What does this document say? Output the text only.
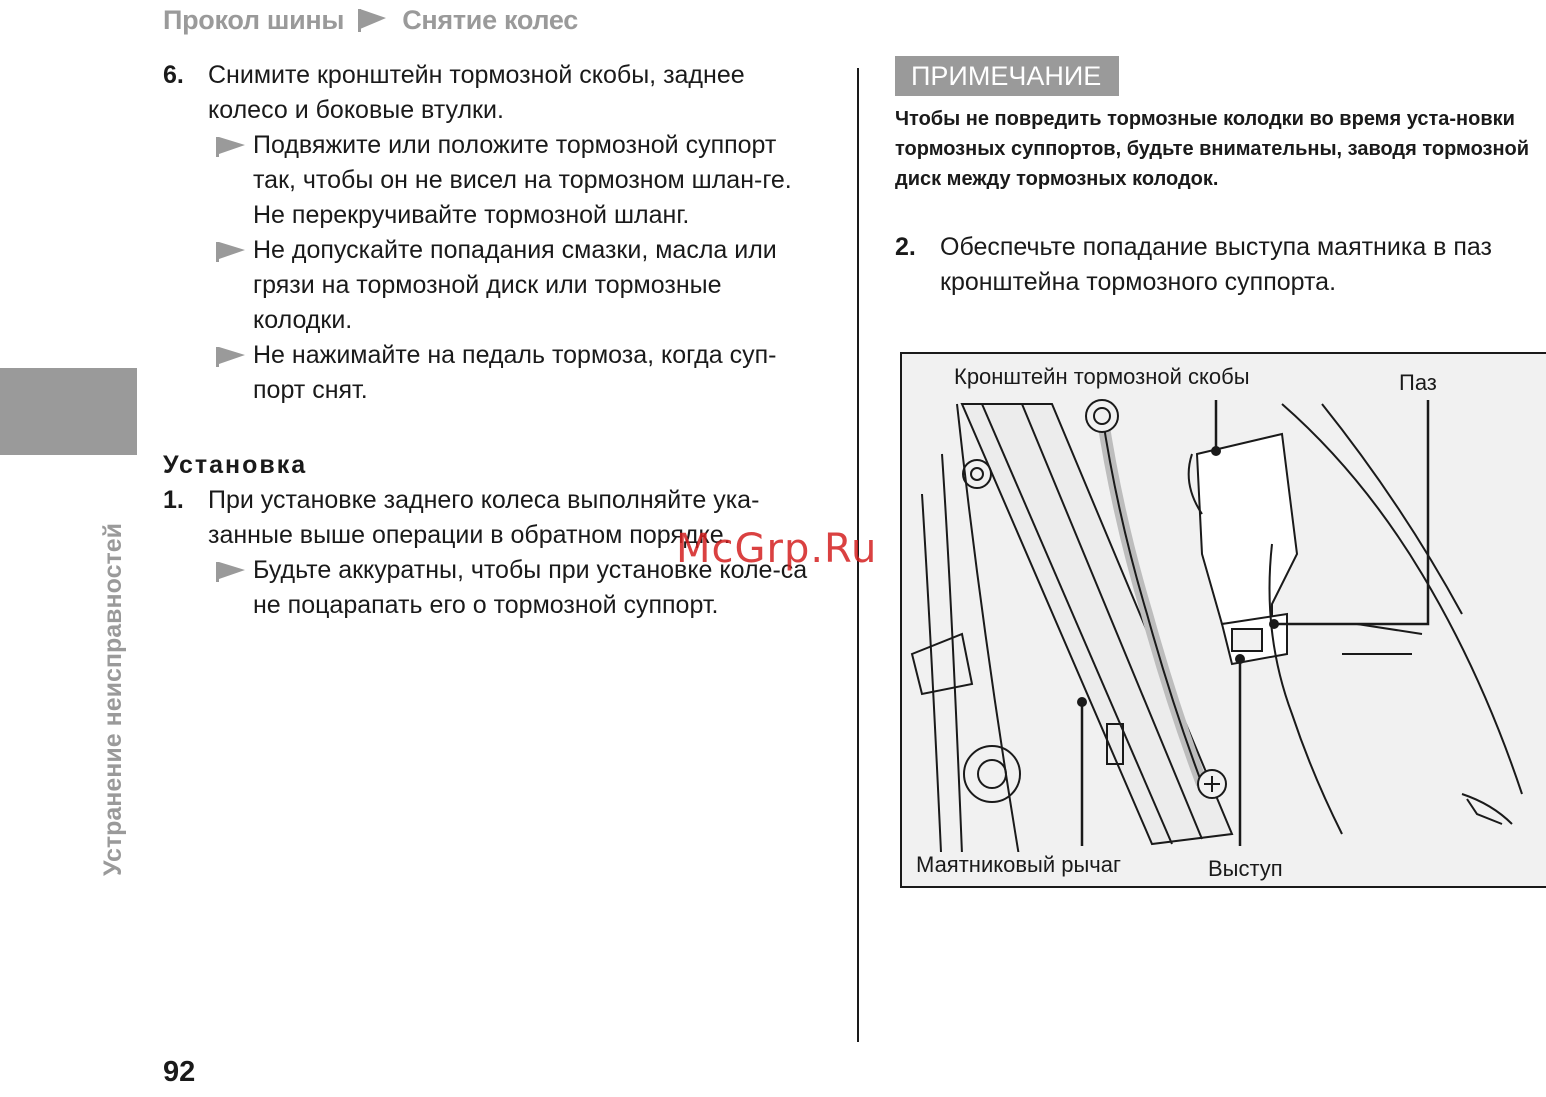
Прокол шины Снятие колес
Устранение неисправностей
6. Снимите кронштейн тормозной скобы, заднее колесо и боковые втулки.
Подвяжите или положите тормозной суппорт так, чтобы он не висел на тормозном шлан-ге. Не перекручивайте тормозной шланг.
Не допускайте попадания смазки, масла или грязи на тормозной диск или тормозные колодки.
Не нажимайте на педаль тормоза, когда суп-порт снят.
Установка
1. При установке заднего колеса выполняйте ука-занные выше операции в обратном порядке.
Будьте аккуратны, чтобы при установке коле-са не поцарапать его о тормозной суппорт.
ПРИМЕЧАНИЕ
Чтобы не повредить тормозные колодки во время уста-новки тормозных суппортов, будьте внимательны, заводя тормозной диск между тормозных колодок.
2. Обеспечьте попадание выступа маятника в паз кронштейна тормозного суппорта.
Кронштейн тормозной скобы	Паз
Маятниковый рычаг	Выступ
McGrp.Ru
92
